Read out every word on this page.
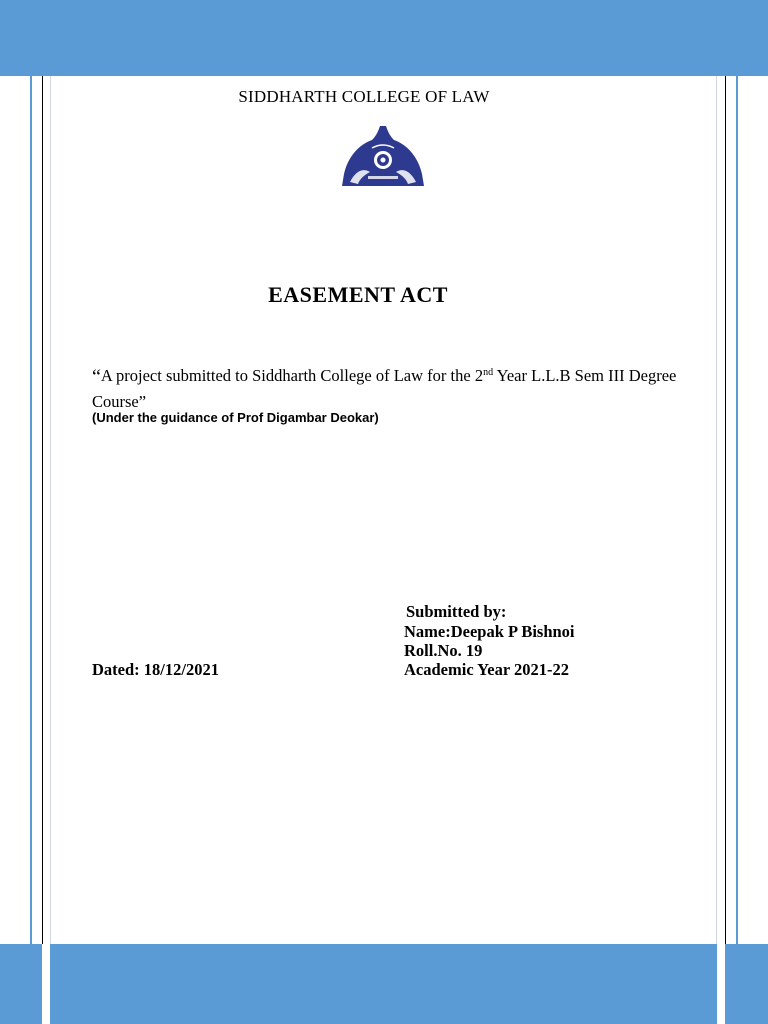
SIDDHARTH COLLEGE OF LAW
EASEMENT ACT
“A project submitted to Siddharth College of Law for the 2nd Year L.L.B Sem III Degree Course”
(Under the guidance of Prof Digambar Deokar)
Submitted by:
Name:Deepak P Bishnoi
Roll.No. 19
Academic Year 2021-22
Dated: 18/12/2021
